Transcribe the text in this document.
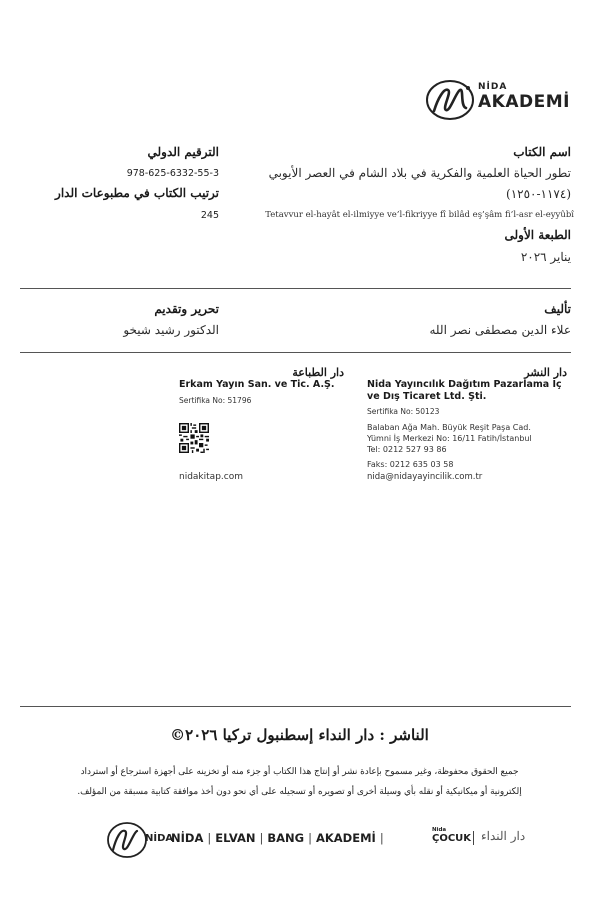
NİDA
AKADEMİ
اسم الكتاب
تطور الحياة العلمية والفكرية في بلاد الشام في العصر الأيوبي
(١١٧٤-١٢٥٠)
Tetavvur el-hayât el-ilmiyye ve’l-fikriyye fî bilâd eş’şâm fi’l-asr el-eyyûbî
الطبعة الأولى
يناير ٢٠٢٦
الترقيم الدولي
978-625-6332-55-3
ترتيب الكتاب في مطبوعات الدار
245
تأليف
علاء الدين مصطفى نصر الله
تحرير وتقديم
الدكتور رشيد شيخو
دار النشر
Nida Yayıncılık Dağıtım Pazarlama İç
ve Dış Ticaret Ltd. Şti.
Sertifika No: 50123
Balaban Ağa Mah. Büyük Reşit Paşa Cad.
Yümni İş Merkezi No: 16/11 Fatih/İstanbul
Tel: 0212 527 93 86
Faks: 0212 635 03 58
nida@nidayayincilik.com.tr
دار الطباعة
Erkam Yayın San. ve Tic. A.Ş.
Sertifika No: 51796
nidakitap.com
الناشر : دار النداء إسطنبول تركيا ٢٠٢٦©
جميع الحقوق محفوظة، وغير مسموح بإعادة نشر أو إنتاج هذا الكتاب أو جزء منه أو تخزينه على أجهزة استرجاع أو استرداد
إلكترونية أو ميكانيكية أو نقله بأي وسيلة أخرى أو تصويره أو تسجيله على أي نحو دون أخذ موافقة كتابية مسبقة من المؤلف.
NİDA
NİDA | ELVAN | BANG | AKADEMİ |
Nida
ÇOCUK دار النداء
